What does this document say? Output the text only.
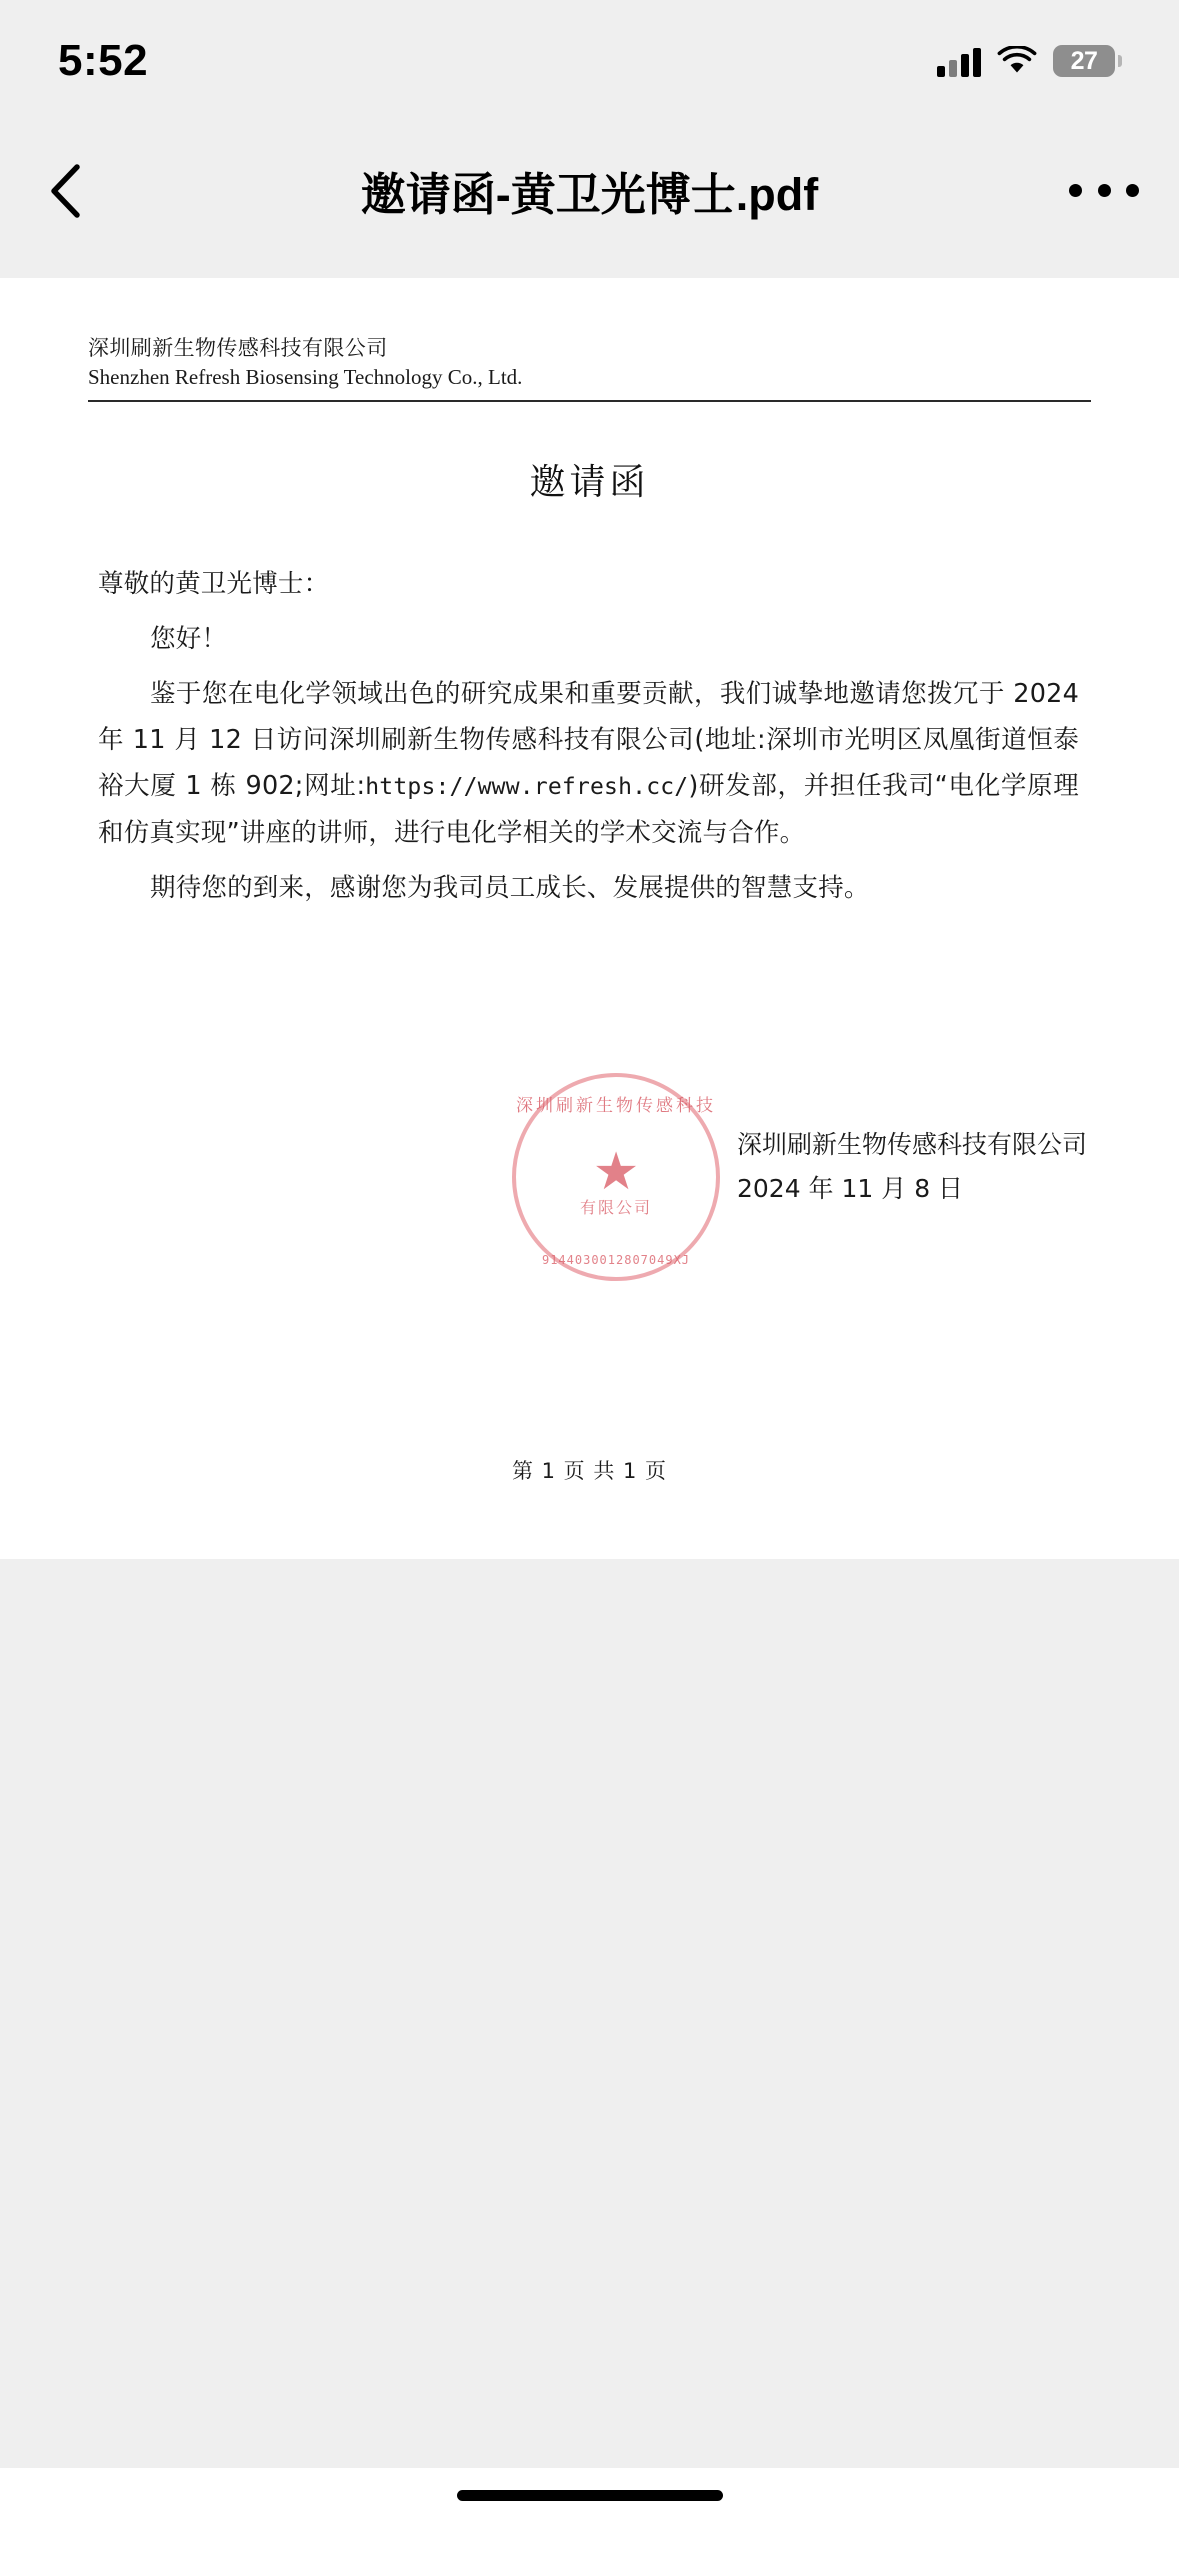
5:52	27
邀请函-黄卫光博士.pdf
深圳刷新生物传感科技有限公司
Shenzhen Refresh Biosensing Technology Co., Ltd.
邀请函

尊敬的黄卫光博士：

您好！

鉴于您在电化学领域出色的研究成果和重要贡献，我们诚挚地邀请您拨冗于 2024 年 11 月 12 日访问深圳刷新生物传感科技有限公司(地址:深圳市光明区凤凰街道恒泰裕大厦 1 栋 902;网址:https://www.refresh.cc/)研发部，并担任我司“电化学原理和仿真实现”讲座的讲师，进行电化学相关的学术交流与合作。

期待您的到来，感谢您为我司员工成长、发展提供的智慧支持。

深圳刷新生物传感科技
★
有限公司
9144030012807049XJ
深圳刷新生物传感科技有限公司
2024 年 11 月 8 日
第 1 页 共 1 页
